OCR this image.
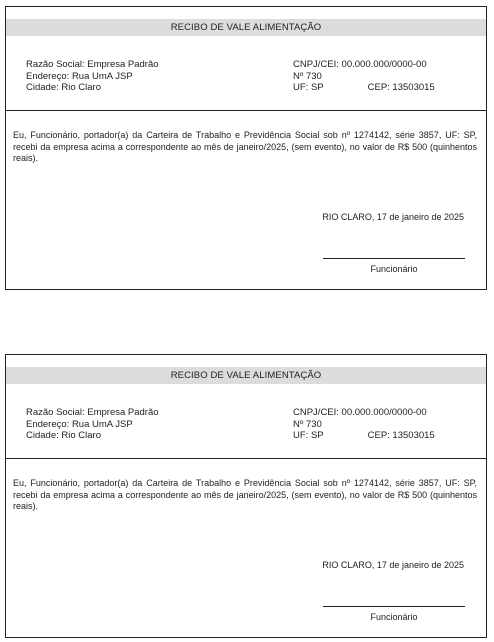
RECIBO DE VALE ALIMENTAÇÃO
Razão Social: Empresa Padrão
Endereço: Rua UmA JSP
Cidade: Rio Claro
CNPJ/CEI: 00.000.000/0000-00
Nº 730
UF: SP	CEP: 13503015
Eu, Funcionário, portador(a) da Carteira de Trabalho e Previdência Social sob nº 1274142, série 3857, UF: SP, recebi da empresa acima a correspondente ao mês de janeiro/2025, (sem evento), no valor de R$ 500 (quinhentos reais).
RIO CLARO, 17 de janeiro de 2025
Funcionário
RECIBO DE VALE ALIMENTAÇÃO
Razão Social: Empresa Padrão
Endereço: Rua UmA JSP
Cidade: Rio Claro
CNPJ/CEI: 00.000.000/0000-00
Nº 730
UF: SP	CEP: 13503015
Eu, Funcionário, portador(a) da Carteira de Trabalho e Previdência Social sob nº 1274142, série 3857, UF: SP, recebi da empresa acima a correspondente ao mês de janeiro/2025, (sem evento), no valor de R$ 500 (quinhentos reais).
RIO CLARO, 17 de janeiro de 2025
Funcionário
